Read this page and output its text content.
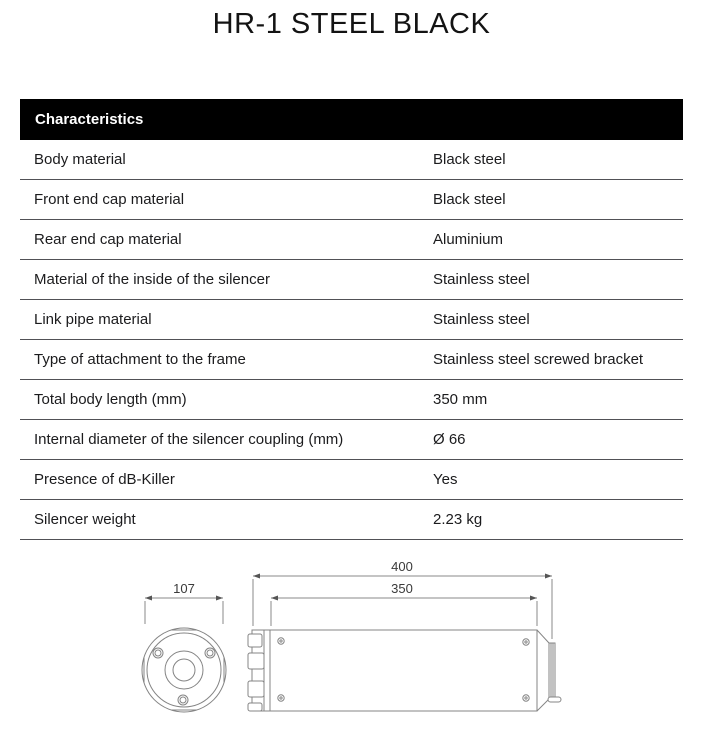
HR-1 STEEL BLACK
Characteristics
Body material	Black steel
Front end cap material	Black steel
Rear end cap material	Aluminium
Material of the inside of the silencer	Stainless steel
Link pipe material	Stainless steel
Type of attachment to the frame	Stainless steel screwed bracket
Total body length (mm)	350 mm
Internal diameter of the silencer coupling (mm)	Ø 66
Presence of dB-Killer	Yes
Silencer weight	2.23 kg
107
400
350
